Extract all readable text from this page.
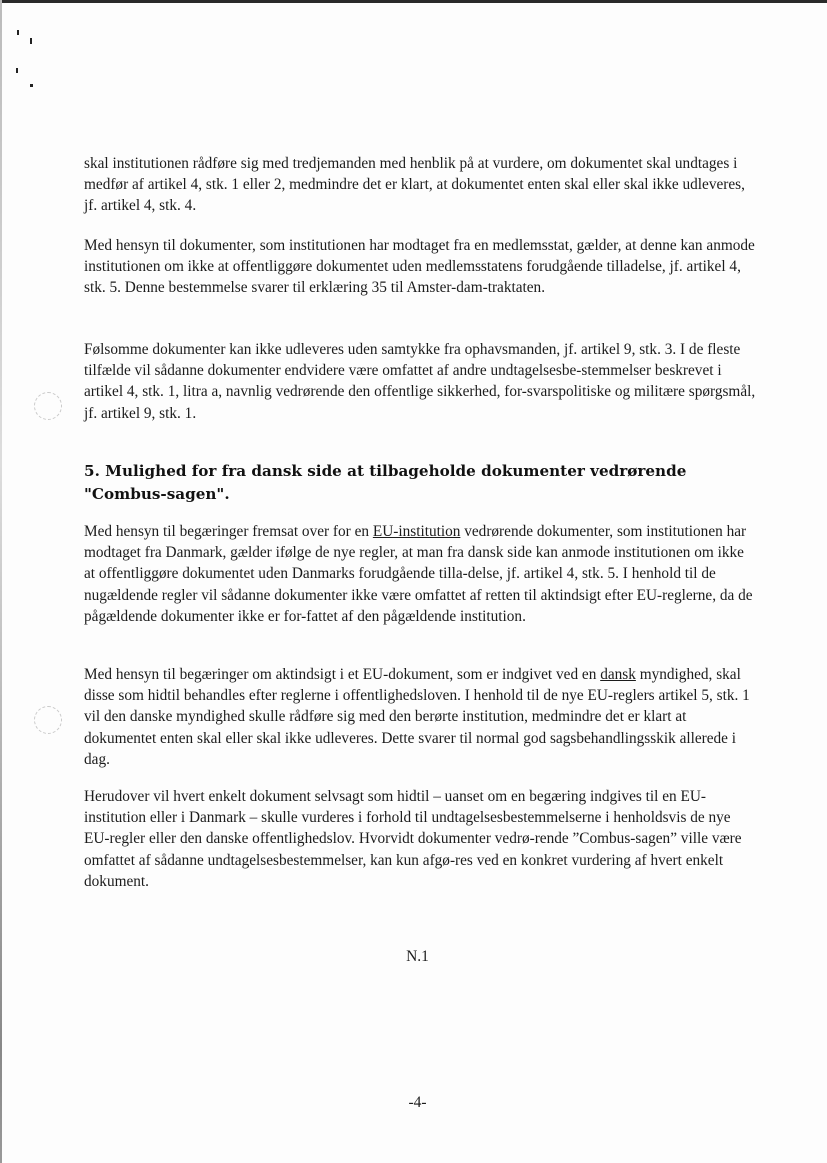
skal institutionen rådføre sig med tredjemanden med henblik på at vurdere, om dokumentet skal undtages i medfør af artikel 4, stk. 1 eller 2, medmindre det er klart, at dokumentet enten skal eller skal ikke udleveres, jf. artikel 4, stk. 4.

Med hensyn til dokumenter, som institutionen har modtaget fra en medlemsstat, gælder, at denne kan anmode institutionen om ikke at offentliggøre dokumentet uden medlemsstatens forudgående tilladelse, jf. artikel 4, stk. 5. Denne bestemmelse svarer til erklæring 35 til Amster-dam-traktaten.

Følsomme dokumenter kan ikke udleveres uden samtykke fra ophavsmanden, jf. artikel 9, stk. 3. I de fleste tilfælde vil sådanne dokumenter endvidere være omfattet af andre undtagelsesbe-stemmelser beskrevet i artikel 4, stk. 1, litra a, navnlig vedrørende den offentlige sikkerhed, for-svarspolitiske og militære spørgsmål, jf. artikel 9, stk. 1.

5. Mulighed for fra dansk side at tilbageholde dokumenter vedrørende "Combus-sagen".

Med hensyn til begæringer fremsat over for en EU-institution vedrørende dokumenter, som institutionen har modtaget fra Danmark, gælder ifølge de nye regler, at man fra dansk side kan anmode institutionen om ikke at offentliggøre dokumentet uden Danmarks forudgående tilla-delse, jf. artikel 4, stk. 5. I henhold til de nugældende regler vil sådanne dokumenter ikke være omfattet af retten til aktindsigt efter EU-reglerne, da de pågældende dokumenter ikke er for-fattet af den pågældende institution.

Med hensyn til begæringer om aktindsigt i et EU-dokument, som er indgivet ved en dansk myndighed, skal disse som hidtil behandles efter reglerne i offentlighedsloven. I henhold til de nye EU-reglers artikel 5, stk. 1 vil den danske myndighed skulle rådføre sig med den berørte institution, medmindre det er klart at dokumentet enten skal eller skal ikke udleveres. Dette svarer til normal god sagsbehandlingsskik allerede i dag.

Herudover vil hvert enkelt dokument selvsagt som hidtil – uanset om en begæring indgives til en EU-institution eller i Danmark – skulle vurderes i forhold til undtagelsesbestemmelserne i henholdsvis de nye EU-regler eller den danske offentlighedslov. Hvorvidt dokumenter vedrø-rende ”Combus-sagen” ville være omfattet af sådanne undtagelsesbestemmelser, kan kun afgø-res ved en konkret vurdering af hvert enkelt dokument.

N.1
-4-
